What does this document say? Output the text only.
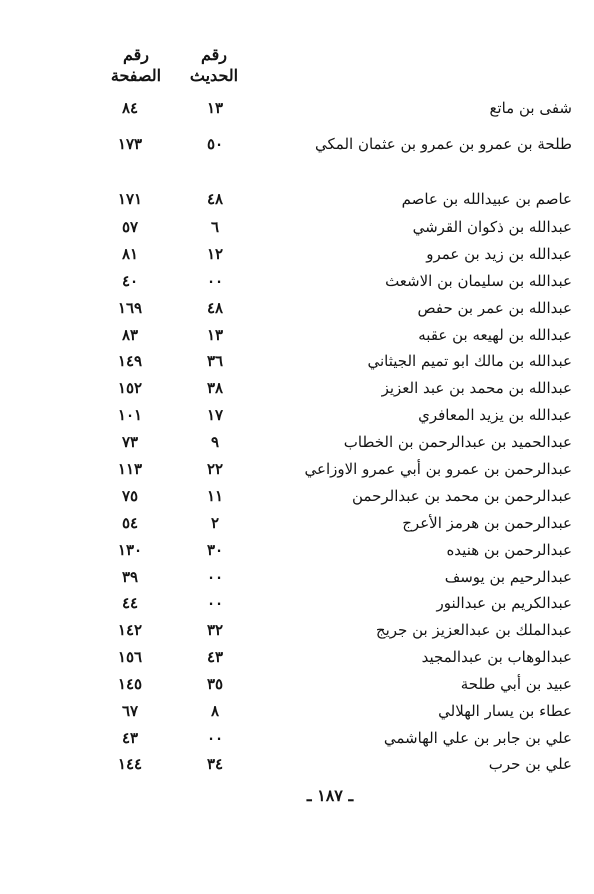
رقم الحديث
رقم الصفحة
شفى بن ماتع
١٣
٨٤
طلحة بن عمرو بن عمرو بن عثمان المكي
٥٠
١٧٣
عاصم بن عبيدالله بن عاصم
٤٨
١٧١
عبدالله بن ذكوان القرشي
٦
٥٧
عبدالله بن زيد بن عمرو
١٢
٨١
عبدالله بن سليمان بن الاشعث
٠٠
٤٠
عبدالله بن عمر بن حفص
٤٨
١٦٩
عبدالله بن لهيعه بن عقبه
١٣
٨٣
عبدالله بن مالك ابو تميم الجيثاني
٣٦
١٤٩
عبدالله بن محمد بن عبد العزيز
٣٨
١٥٢
عبدالله بن يزيد المعافري
١٧
١٠١
عبدالحميد بن عبدالرحمن بن الخطاب
٩
٧٣
عبدالرحمن بن عمرو بن أبي عمرو الاوزاعي
٢٢
١١٣
عبدالرحمن بن محمد بن عبدالرحمن
١١
٧٥
عبدالرحمن بن هرمز الأعرج
٢
٥٤
عبدالرحمن بن هنيده
٣٠
١٣٠
عبدالرحيم بن يوسف
٠٠
٣٩
عبدالكريم بن عبدالنور
٠٠
٤٤
عبدالملك بن عبدالعزيز بن جريج
٣٢
١٤٢
عبدالوهاب بن عبدالمجيد
٤٣
١٥٦
عبيد بن أبي طلحة
٣٥
١٤٥
عطاء بن يسار الهلالي
٨
٦٧
علي بن جابر بن علي الهاشمي
٠٠
٤٣
علي بن حرب
٣٤
١٤٤
ـ ١٨٧ ـ
